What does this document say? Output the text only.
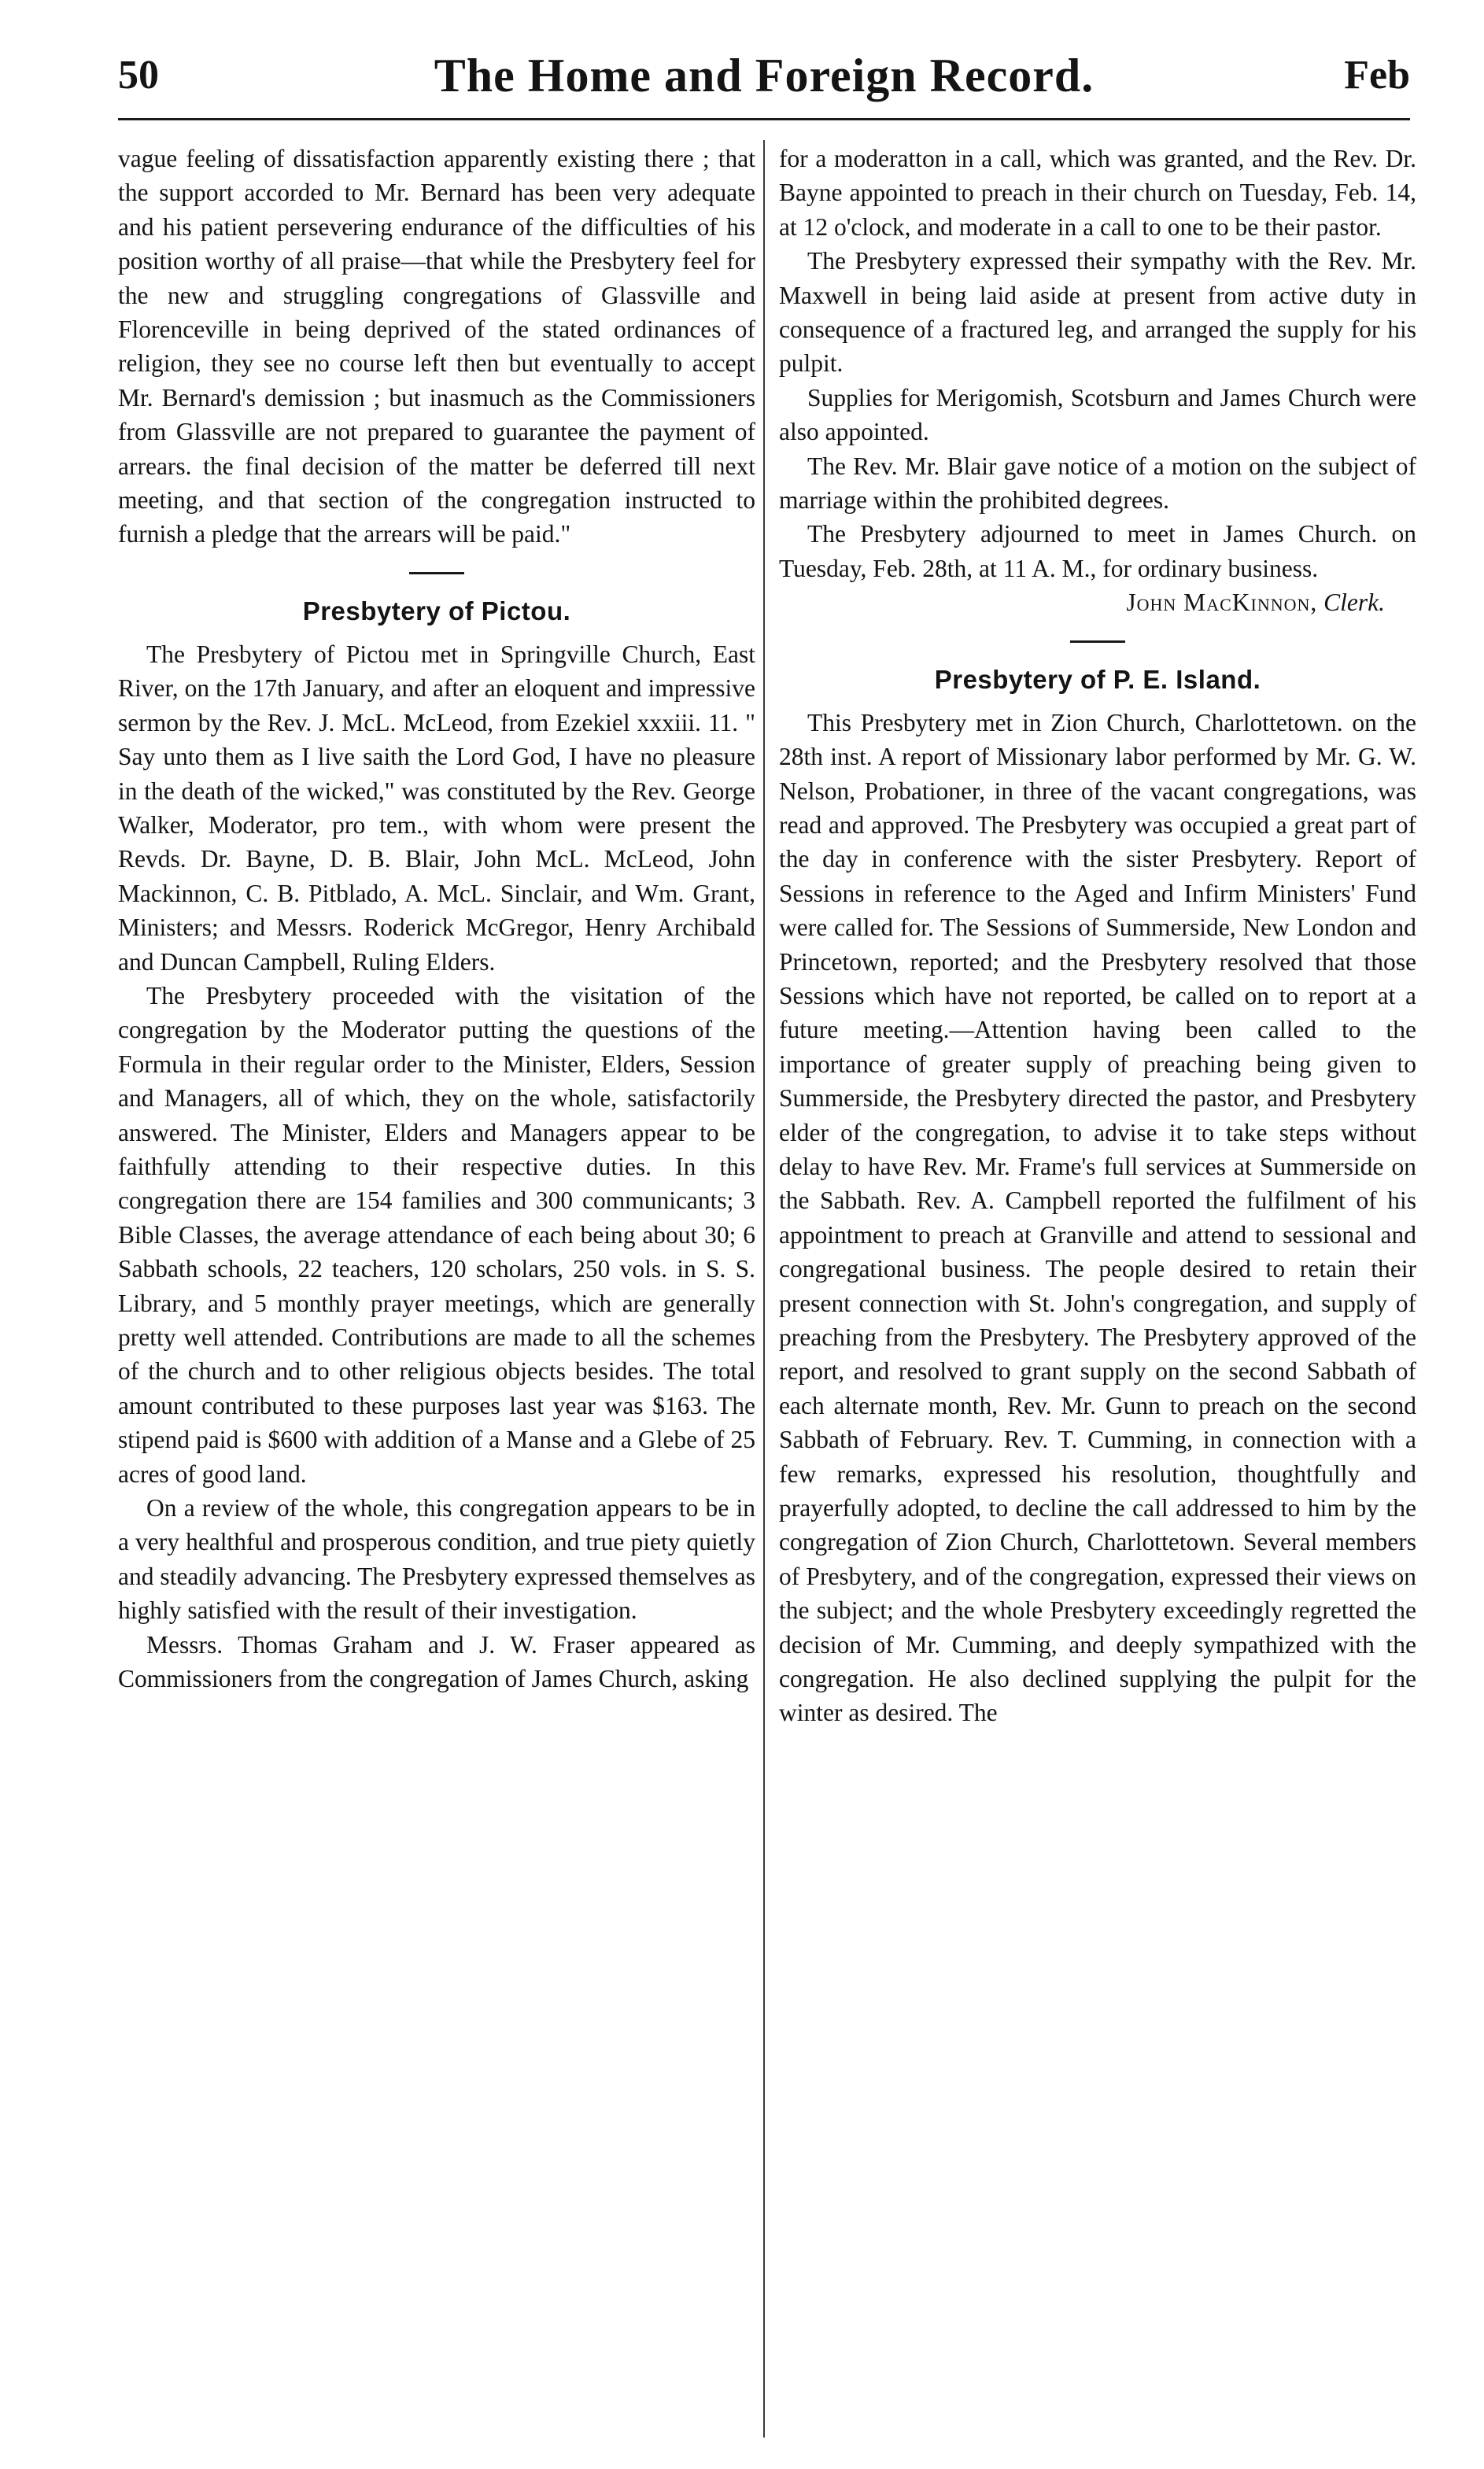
50	The Home and Foreign Record.	Feb

vague feeling of dissatisfaction apparently existing there ; that the support accorded to Mr. Bernard has been very adequate and his patient persevering endurance of the difficulties of his position worthy of all praise—that while the Presbytery feel for the new and struggling congregations of Glassville and Florenceville in being deprived of the stated ordinances of religion, they see no course left then but eventually to accept Mr. Bernard's demission ; but inasmuch as the Commissioners from Glassville are not prepared to guarantee the payment of arrears. the final decision of the matter be deferred till next meeting, and that section of the congregation instructed to furnish a pledge that the arrears will be paid."

Presbytery of Pictou.

The Presbytery of Pictou met in Springville Church, East River, on the 17th January, and after an eloquent and impressive sermon by the Rev. J. McL. McLeod, from Ezekiel xxxiii. 11. " Say unto them as I live saith the Lord God, I have no pleasure in the death of the wicked," was constituted by the Rev. George Walker, Moderator, pro tem., with whom were present the Revds. Dr. Bayne, D. B. Blair, John McL. McLeod, John Mackinnon, C. B. Pitblado, A. McL. Sinclair, and Wm. Grant, Ministers; and Messrs. Roderick McGregor, Henry Archibald and Duncan Campbell, Ruling Elders.

The Presbytery proceeded with the visitation of the congregation by the Moderator putting the questions of the Formula in their regular order to the Minister, Elders, Session and Managers, all of which, they on the whole, satisfactorily answered. The Minister, Elders and Managers appear to be faithfully attending to their respective duties. In this congregation there are 154 families and 300 communicants; 3 Bible Classes, the average attendance of each being about 30; 6 Sabbath schools, 22 teachers, 120 scholars, 250 vols. in S. S. Library, and 5 monthly prayer meetings, which are generally pretty well attended. Contributions are made to all the schemes of the church and to other religious objects besides. The total amount contributed to these purposes last year was $163. The stipend paid is $600 with addition of a Manse and a Glebe of 25 acres of good land.

On a review of the whole, this congregation appears to be in a very healthful and prosperous condition, and true piety quietly and steadily advancing. The Presbytery expressed themselves as highly satisfied with the result of their investigation.

Messrs. Thomas Graham and J. W. Fraser appeared as Commissioners from the congregation of James Church, asking

for a moderatton in a call, which was granted, and the Rev. Dr. Bayne appointed to preach in their church on Tuesday, Feb. 14, at 12 o'clock, and moderate in a call to one to be their pastor.

The Presbytery expressed their sympathy with the Rev. Mr. Maxwell in being laid aside at present from active duty in consequence of a fractured leg, and arranged the supply for his pulpit.

Supplies for Merigomish, Scotsburn and James Church were also appointed.

The Rev. Mr. Blair gave notice of a motion on the subject of marriage within the prohibited degrees.

The Presbytery adjourned to meet in James Church. on Tuesday, Feb. 28th, at 11 A. M., for ordinary business.

John MacKinnon, Clerk.

Presbytery of P. E. Island.

This Presbytery met in Zion Church, Charlottetown. on the 28th inst. A report of Missionary labor performed by Mr. G. W. Nelson, Probationer, in three of the vacant congregations, was read and approved. The Presbytery was occupied a great part of the day in conference with the sister Presbytery. Report of Sessions in reference to the Aged and Infirm Ministers' Fund were called for. The Sessions of Summerside, New London and Princetown, reported; and the Presbytery resolved that those Sessions which have not reported, be called on to report at a future meeting.—Attention having been called to the importance of greater supply of preaching being given to Summerside, the Presbytery directed the pastor, and Presbytery elder of the congregation, to advise it to take steps without delay to have Rev. Mr. Frame's full services at Summerside on the Sabbath. Rev. A. Campbell reported the fulfilment of his appointment to preach at Granville and attend to sessional and congregational business. The people desired to retain their present connection with St. John's congregation, and supply of preaching from the Presbytery. The Presbytery approved of the report, and resolved to grant supply on the second Sabbath of each alternate month, Rev. Mr. Gunn to preach on the second Sabbath of February. Rev. T. Cumming, in connection with a few remarks, expressed his resolution, thoughtfully and prayerfully adopted, to decline the call addressed to him by the congregation of Zion Church, Charlottetown. Several members of Presbytery, and of the congregation, expressed their views on the subject; and the whole Presbytery exceedingly regretted the decision of Mr. Cumming, and deeply sympathized with the congregation. He also declined supplying the pulpit for the winter as desired. The
